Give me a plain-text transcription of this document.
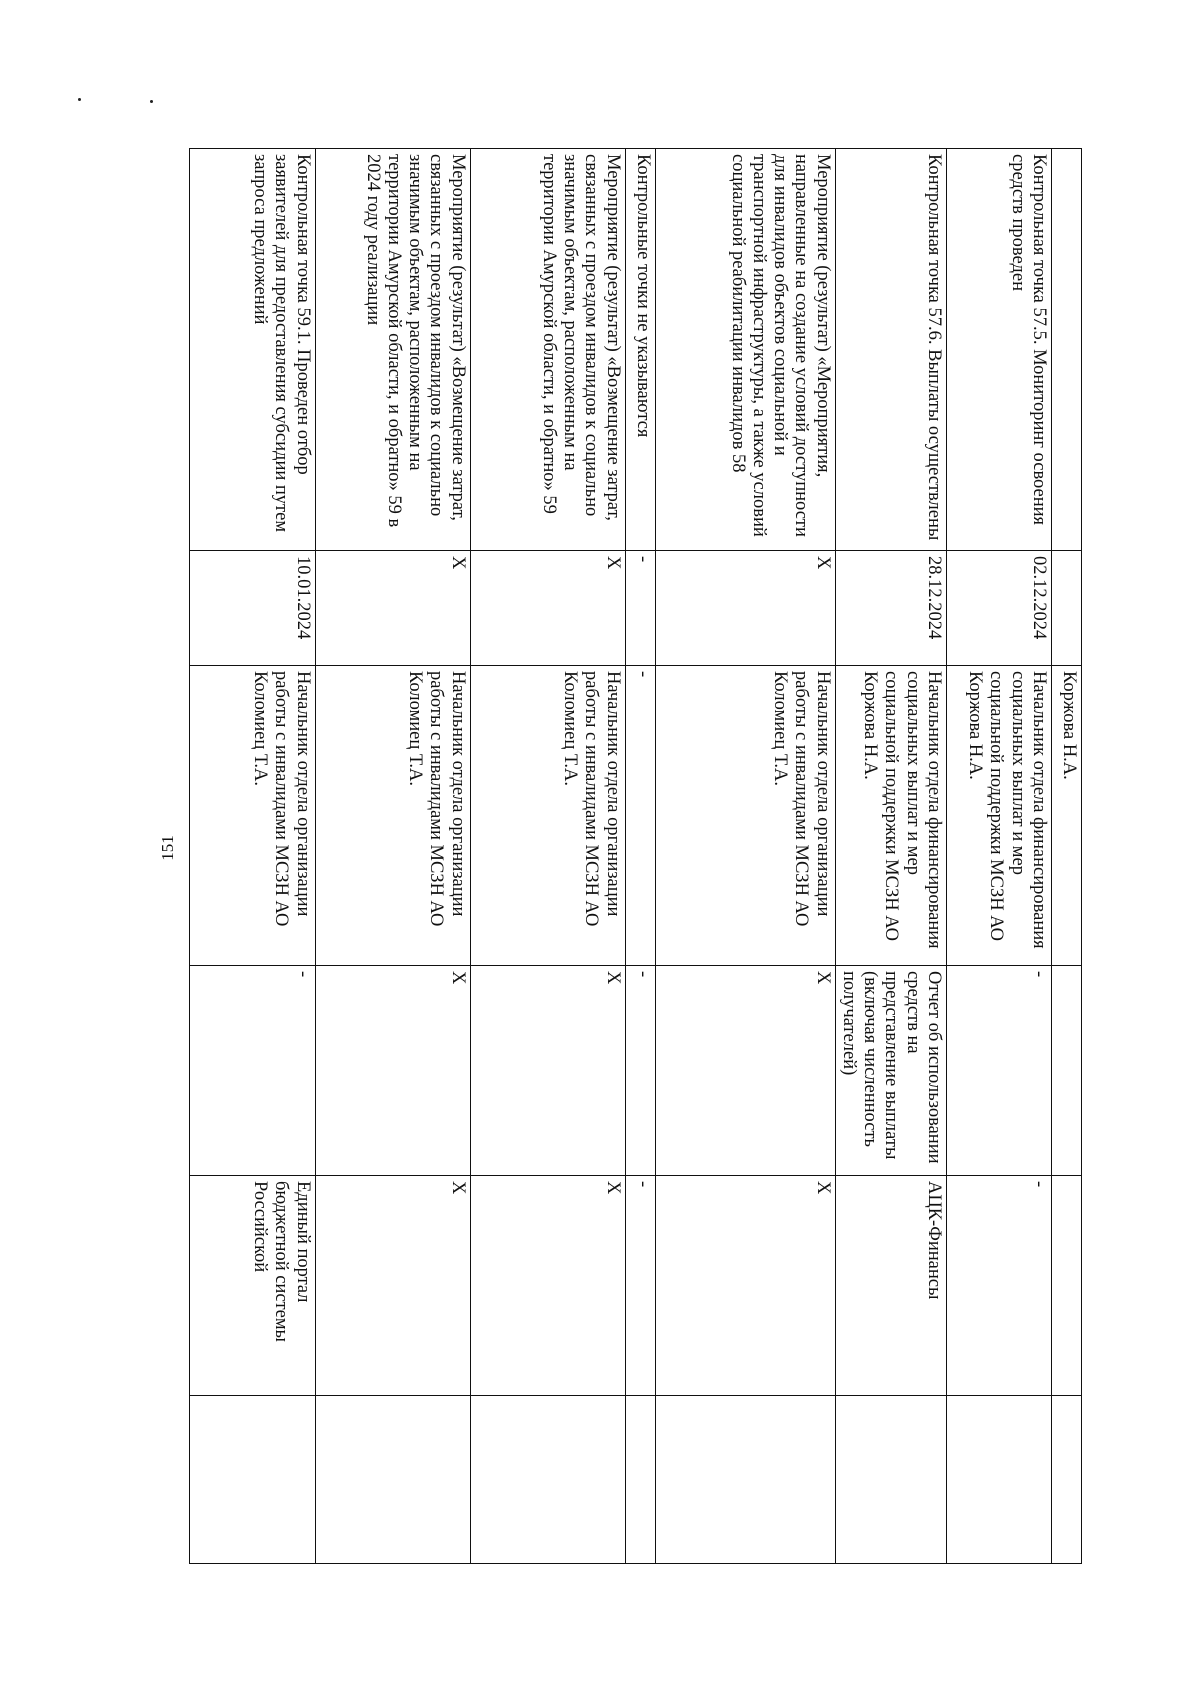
151
		Коржова Н.А.			
Контрольная точка 57.5. Мониторинг освоения средств проведен	02.12.2024	Начальник отдела финансирования социальных выплат и мер социальной поддержки МСЗН АО Коржова Н.А.	-	-	
Контрольная точка 57.6. Выплаты осуществлены	28.12.2024	Начальник отдела финансирования социальных выплат и мер социальной поддержки МСЗН АО Коржова Н.А.	Отчет об использовании средств на представление выплаты (включая численность получателей)	АЦК-Финансы	
Мероприятие (результат) «Мероприятия, направленные на создание условий доступности для инвалидов объектов социальной и транспортной инфраструктуры, а также условий социальной реабилитации инвалидов 58	X	Начальник отдела организации работы с инвалидами МСЗН АО Коломиец Т.А.	X	X	
Контрольные точки не указываются	-	-	-	-	
Мероприятие (результат) «Возмещение затрат, связанных с проездом инвалидов к социально значимым объектам, расположенным на территории Амурской области, и обратно» 59	X	Начальник отдела организации работы с инвалидами МСЗН АО Коломиец Т.А.	X	X	
Мероприятие (результат) «Возмещение затрат, связанных с проездом инвалидов к социально значимым объектам, расположенным на территории Амурской области, и обратно» 59 в 2024 году реализации	X	Начальник отдела организации работы с инвалидами МСЗН АО Коломиец Т.А.	X	X	
Контрольная точка 59.1. Проведен отбор заявителей для предоставления субсидии путем запроса предложений	10.01.2024	Начальник отдела организации работы с инвалидами МСЗН АО Коломиец Т.А.	-	Единый портал бюджетной системы Российской	
